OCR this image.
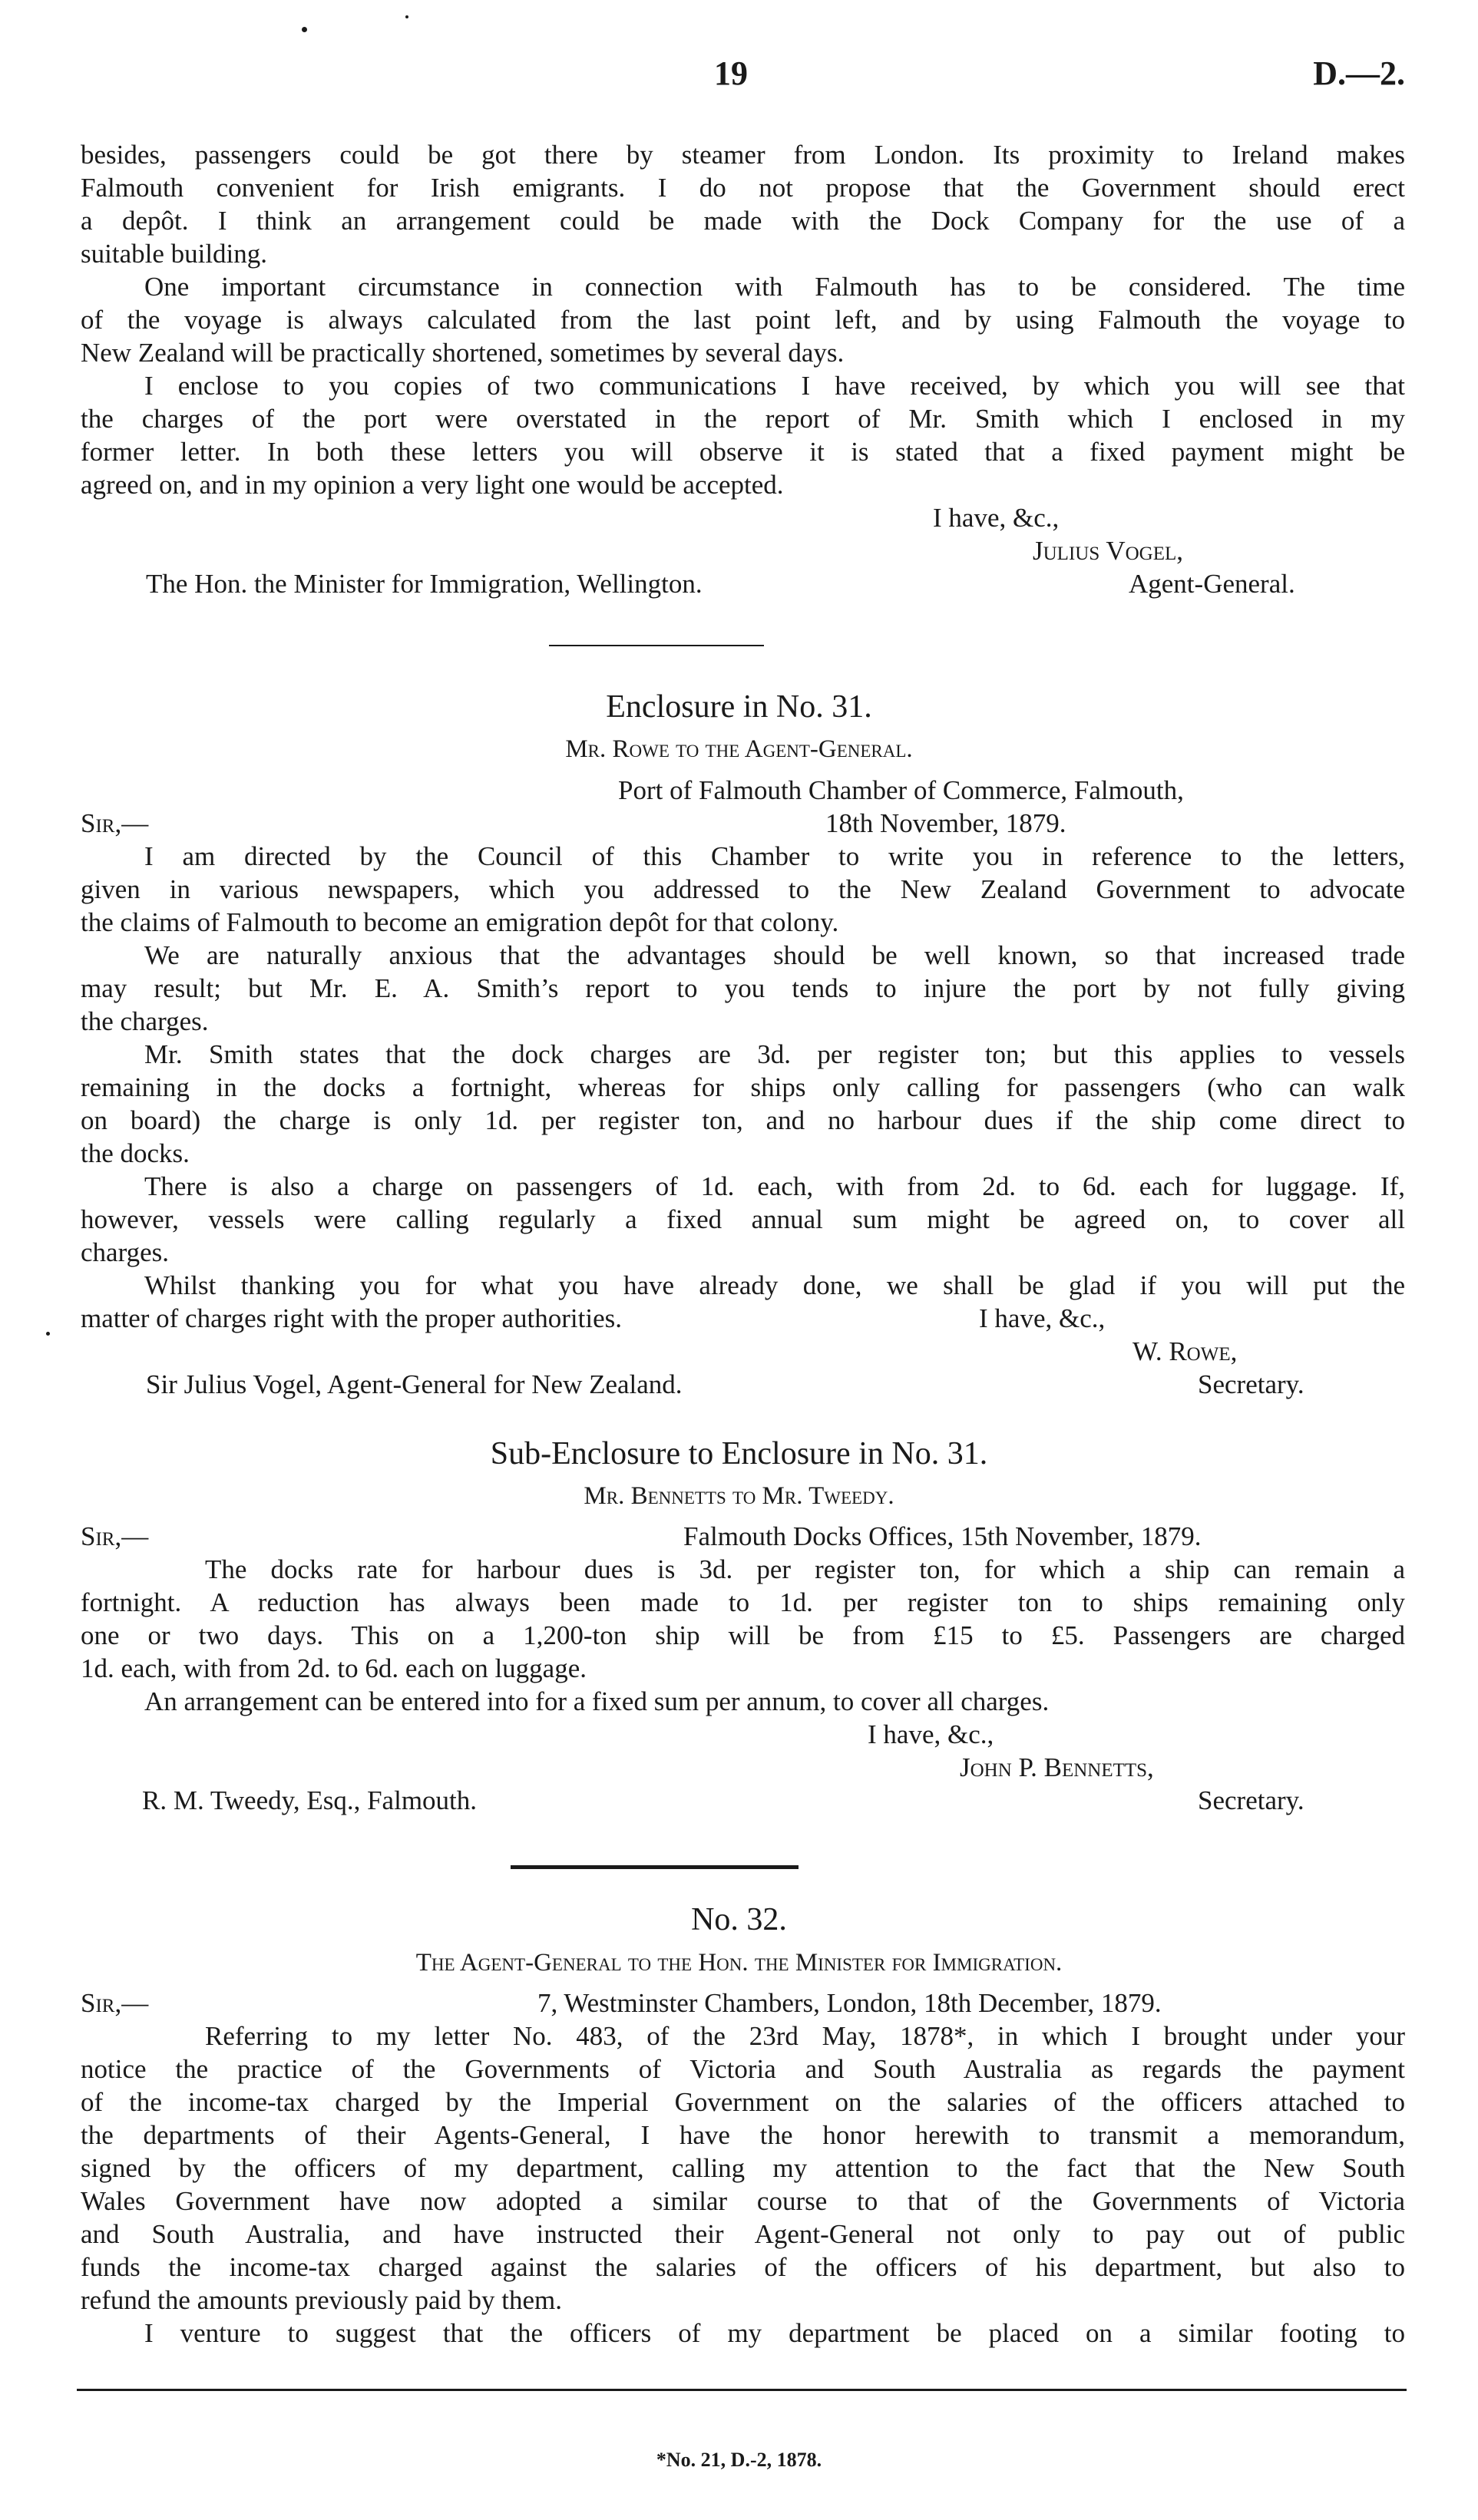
19	D.—2.
besides, passengers could be got there by steamer from London. Its proximity to Ireland makes
Falmouth convenient for Irish emigrants. I do not propose that the Government should erect
a depôt. I think an arrangement could be made with the Dock Company for the use of a
suitable building.
One important circumstance in connection with Falmouth has to be considered. The time
of the voyage is always calculated from the last point left, and by using Falmouth the voyage to
New Zealand will be practically shortened, sometimes by several days.
I enclose to you copies of two communications I have received, by which you will see that
the charges of the port were overstated in the report of Mr. Smith which I enclosed in my
former letter. In both these letters you will observe it is stated that a fixed payment might be
agreed on, and in my opinion a very light one would be accepted.
I have, &c.,
Julius Vogel,
The Hon. the Minister for Immigration, Wellington.	Agent-General.
Enclosure in No. 31.
Mr. Rowe to the Agent-General.
Port of Falmouth Chamber of Commerce, Falmouth,
Sir,—	18th November, 1879.
I am directed by the Council of this Chamber to write you in reference to the letters,
given in various newspapers, which you addressed to the New Zealand Government to advocate
the claims of Falmouth to become an emigration depôt for that colony.
We are naturally anxious that the advantages should be well known, so that increased trade
may result; but Mr. E. A. Smith’s report to you tends to injure the port by not fully giving
the charges.
Mr. Smith states that the dock charges are 3d. per register ton; but this applies to vessels
remaining in the docks a fortnight, whereas for ships only calling for passengers (who can walk
on board) the charge is only 1d. per register ton, and no harbour dues if the ship come direct to
the docks.
There is also a charge on passengers of 1d. each, with from 2d. to 6d. each for luggage. If,
however, vessels were calling regularly a fixed annual sum might be agreed on, to cover all
charges.
Whilst thanking you for what you have already done, we shall be glad if you will put the
matter of charges right with the proper authorities.	I have, &c.,
W. Rowe,
Sir Julius Vogel, Agent-General for New Zealand.	Secretary.
Sub-Enclosure to Enclosure in No. 31.
Mr. Bennetts to Mr. Tweedy.
Sir,—	Falmouth Docks Offices, 15th November, 1879.
The docks rate for harbour dues is 3d. per register ton, for which a ship can remain a
fortnight. A reduction has always been made to 1d. per register ton to ships remaining only
one or two days. This on a 1,200-ton ship will be from £15 to £5. Passengers are charged
1d. each, with from 2d. to 6d. each on luggage.
An arrangement can be entered into for a fixed sum per annum, to cover all charges.
I have, &c.,
John P. Bennetts,
R. M. Tweedy, Esq., Falmouth.	Secretary.
No. 32.
The Agent-General to the Hon. the Minister for Immigration.
Sir,—	7, Westminster Chambers, London, 18th December, 1879.
Referring to my letter No. 483, of the 23rd May, 1878*, in which I brought under your
notice the practice of the Governments of Victoria and South Australia as regards the payment
of the income-tax charged by the Imperial Government on the salaries of the officers attached to
the departments of their Agents-General, I have the honor herewith to transmit a memorandum,
signed by the officers of my department, calling my attention to the fact that the New South
Wales Government have now adopted a similar course to that of the Governments of Victoria
and South Australia, and have instructed their Agent-General not only to pay out of public
funds the income-tax charged against the salaries of the officers of his department, but also to
refund the amounts previously paid by them.
I venture to suggest that the officers of my department be placed on a similar footing to
*No. 21, D.-2, 1878.
